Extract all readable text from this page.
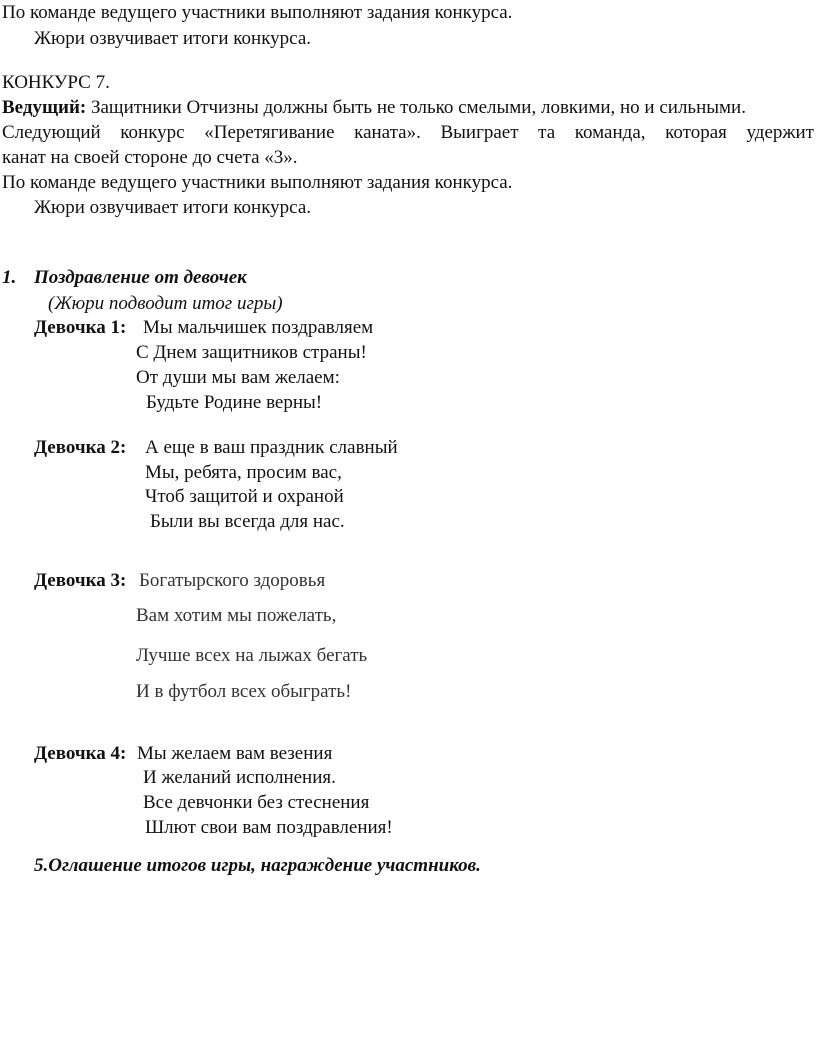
По команде ведущего участники выполняют задания конкурса.
Жюри озвучивает итоги конкурса.
КОНКУРС 7.
Ведущий: Защитники Отчизны должны быть не только смелыми, ловкими, но и сильными.
Следующий конкурс «Перетягивание каната». Выиграет та команда, которая удержит
канат на своей стороне до счета «3».
По команде ведущего участники выполняют задания конкурса.
Жюри озвучивает итоги конкурса.
1. Поздравление от девочек
(Жюри подводит итог игры)
Девочка 1: Мы мальчишек поздравляем
С Днем защитников страны!
От души мы вам желаем:
Будьте Родине верны!
Девочка 2: А еще в ваш праздник славный
Мы, ребята, просим вас,
Чтоб защитой и охраной
Были вы всегда для нас.
Девочка 3: Богатырского здоровья
Вам хотим мы пожелать,
Лучше всех на лыжах бегать
И в футбол всех обыграть!
Девочка 4: Мы желаем вам везения
И желаний исполнения.
Все девчонки без стеснения
Шлют свои вам поздравления!
5.Оглашение итогов игры, награждение участников.
